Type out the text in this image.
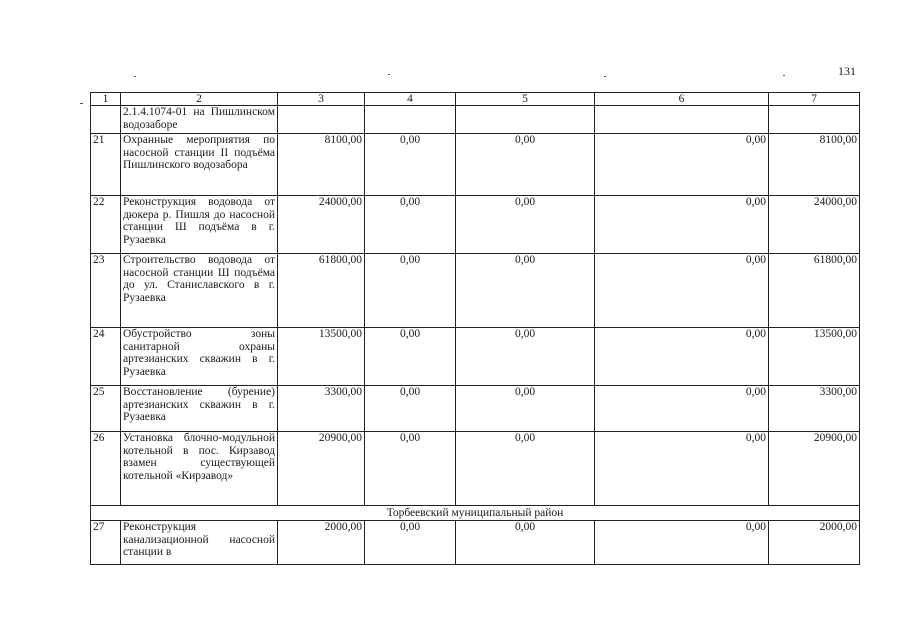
131
1	2	3	4	5	6	7
	2.1.4.1074-01 на Пишлинском водозаборе					
21	Охранные мероприятия по насосной станции II подъёма Пишлинского водозабора	8100,00	0,00	0,00	0,00	8100,00
22	Реконструкция водовода от дюкера р. Пишля до насосной станции Ш подъёма в г. Рузаевка	24000,00	0,00	0,00	0,00	24000,00
23	Строительство водовода от насосной станции Ш подъёма до ул. Станиславского в г. Рузаевка	61800,00	0,00	0,00	0,00	61800,00
24	Обустройство зоны санитарной охраны артезианских скважин в г. Рузаевка	13500,00	0,00	0,00	0,00	13500,00
25	Восстановление (бурение) артезианских скважин в г. Рузаевка	3300,00	0,00	0,00	0,00	3300,00
26	Установка блочно-модульной котельной в пос. Кирзавод взамен существующей котельной «Кирзавод»	20900,00	0,00	0,00	0,00	20900,00
Торбеевский муниципальный район						
27	Реконструкция канализационной насосной станции в	2000,00	0,00	0,00	0,00	2000,00
